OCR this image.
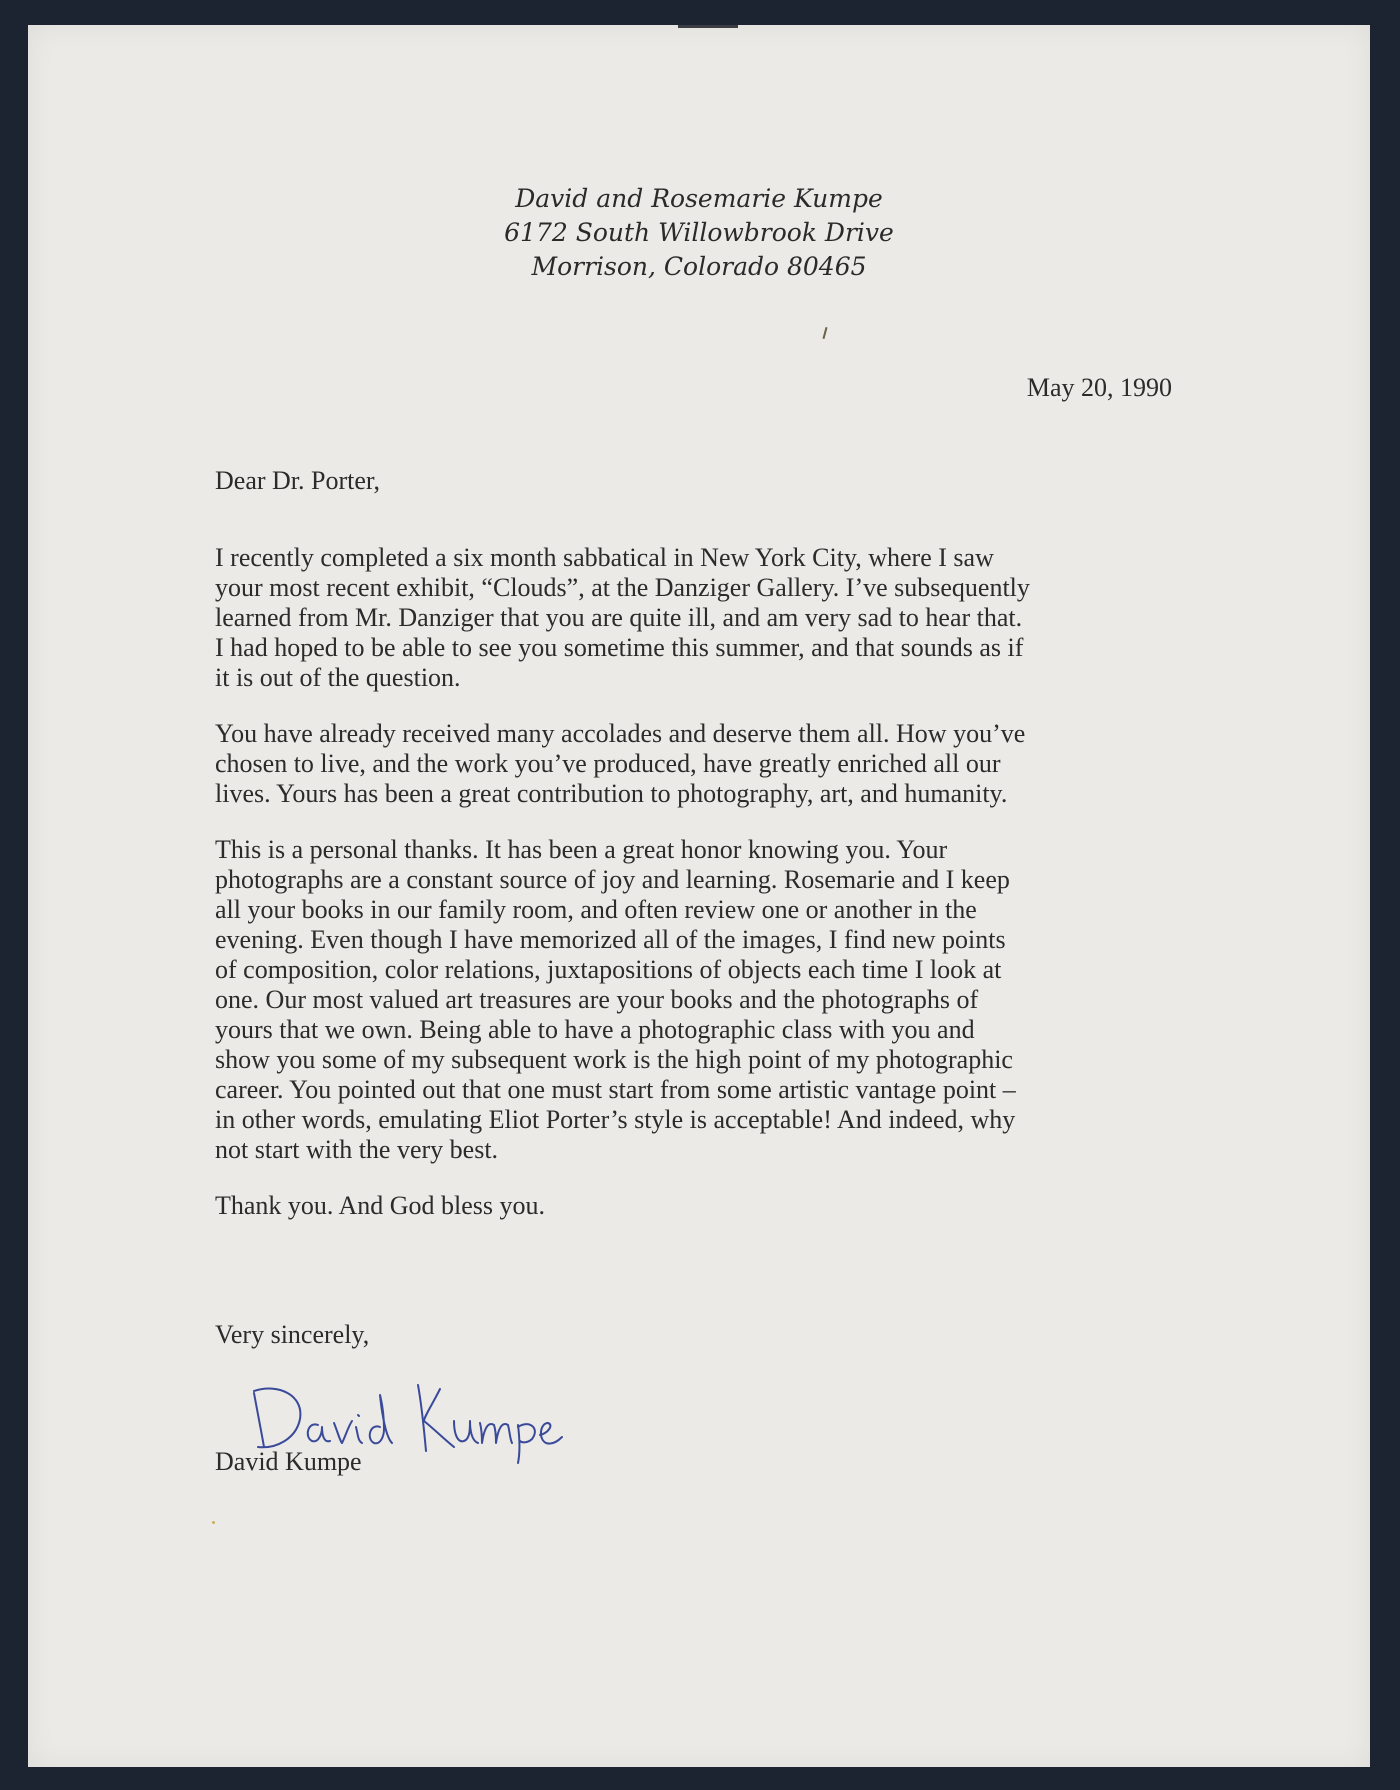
David and Rosemarie Kumpe
6172 South Willowbrook Drive
Morrison, Colorado 80465
May 20, 1990
Dear Dr. Porter,

I recently completed a six month sabbatical in New York City, where I saw
your most recent exhibit, “Clouds”, at the Danziger Gallery. I’ve subsequently
learned from Mr. Danziger that you are quite ill, and am very sad to hear that.
I had hoped to be able to see you sometime this summer, and that sounds as if
it is out of the question.

You have already received many accolades and deserve them all. How you’ve
chosen to live, and the work you’ve produced, have greatly enriched all our
lives. Yours has been a great contribution to photography, art, and humanity.

This is a personal thanks. It has been a great honor knowing you. Your
photographs are a constant source of joy and learning. Rosemarie and I keep
all your books in our family room, and often review one or another in the
evening. Even though I have memorized all of the images, I find new points
of composition, color relations, juxtapositions of objects each time I look at
one. Our most valued art treasures are your books and the photographs of
yours that we own. Being able to have a photographic class with you and
show you some of my subsequent work is the high point of my photographic
career. You pointed out that one must start from some artistic vantage point –
in other words, emulating Eliot Porter’s style is acceptable! And indeed, why
not start with the very best.

Thank you. And God bless you.

Very sincerely,
David Kumpe
